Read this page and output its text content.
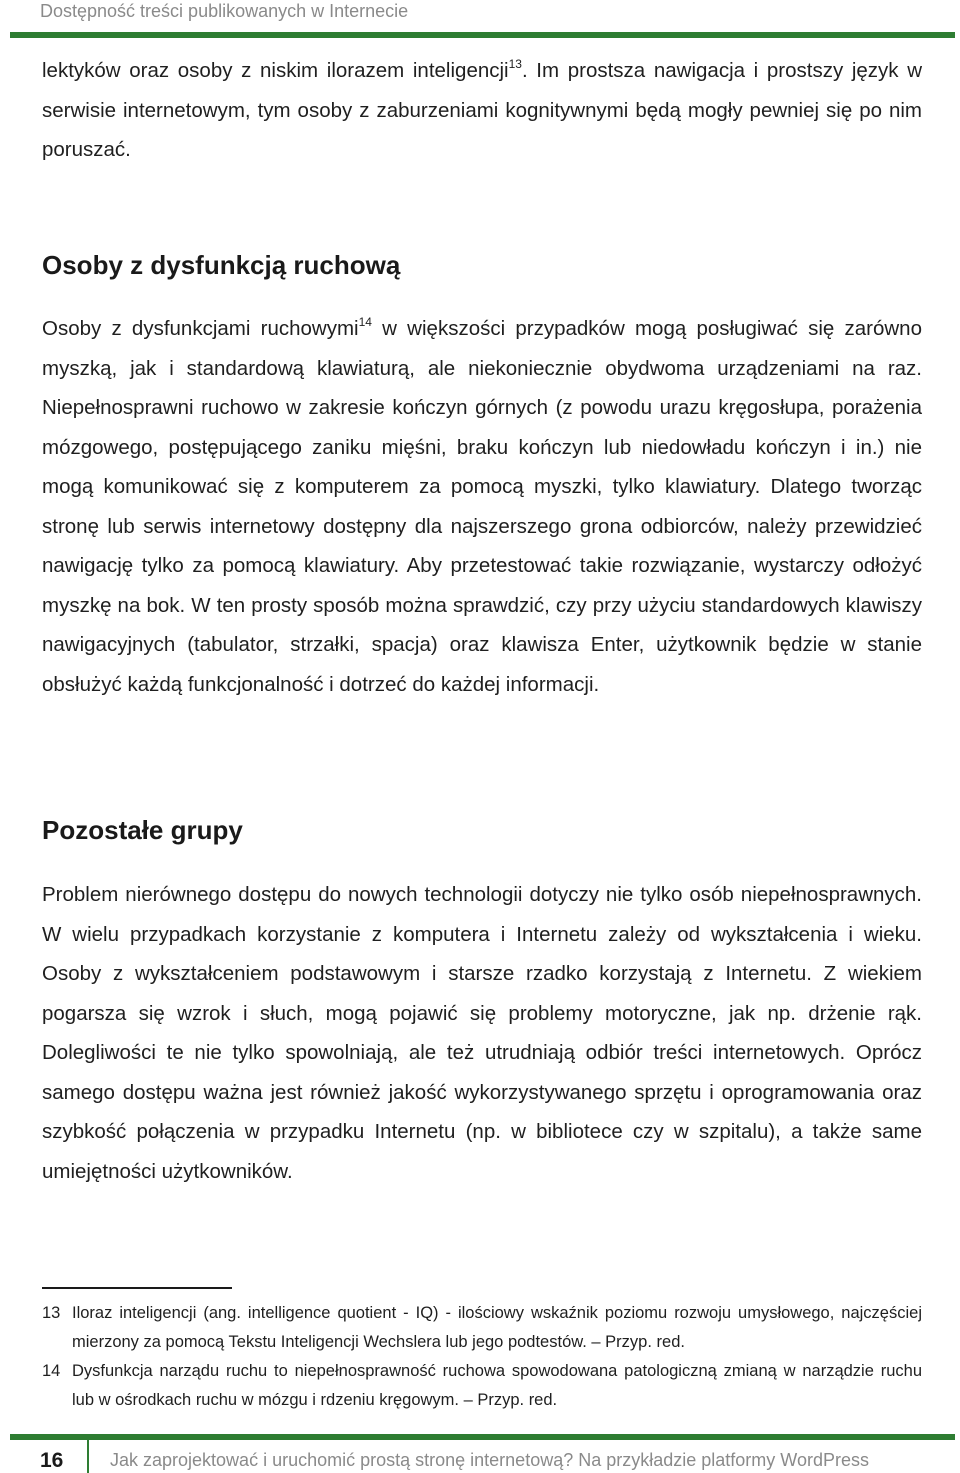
Dostępność treści publikowanych w Internecie

lektyków oraz osoby z niskim ilorazem inteligencji$^{13}$. Im prostsza nawigacja i prostszy język w serwisie internetowym, tym osoby z zaburzeniami kognitywnymi będą mogły pewniej się po nim poruszać.

Osoby z dysfunkcją ruchową

Osoby z dysfunkcjami ruchowymi$^{14}$ w większości przypadków mogą posługiwać się zarówno myszką, jak i standardową klawiaturą, ale niekoniecznie obydwoma urządzeniami na raz. Niepełnosprawni ruchowo w zakresie kończyn górnych (z powodu urazu kręgosłupa, porażenia mózgowego, postępującego zaniku mięśni, braku kończyn lub niedowładu kończyn i in.) nie mogą komunikować się z komputerem za pomocą myszki, tylko klawiatury. Dlatego tworząc stronę lub serwis internetowy dostępny dla najszerszego grona odbiorców, należy przewidzieć nawigację tylko za pomocą klawiatury. Aby przetestować takie rozwiązanie, wystarczy odłożyć myszkę na bok. W ten prosty sposób można sprawdzić, czy przy użyciu standardowych klawiszy nawigacyjnych (tabulator, strzałki, spacja) oraz klawisza Enter, użytkownik będzie w stanie obsłużyć każdą funkcjonalność i dotrzeć do każdej informacji.

Pozostałe grupy

Problem nierównego dostępu do nowych technologii dotyczy nie tylko osób niepełnosprawnych. W wielu przypadkach korzystanie z komputera i Internetu zależy od wykształcenia i wieku. Osoby z wykształceniem podstawowym i starsze rzadko korzystają z Internetu. Z wiekiem pogarsza się wzrok i słuch, mogą pojawić się problemy motoryczne, jak np. drżenie rąk. Dolegliwości te nie tylko spowolniają, ale też utrudniają odbiór treści internetowych. Oprócz samego dostępu ważna jest również jakość wykorzystywanego sprzętu i oprogramowania oraz szybkość połączenia w przypadku Internetu (np. w bibliotece czy w szpitalu), a także same umiejętności użytkowników.

13 Iloraz inteligencji (ang. intelligence quotient - IQ) - ilościowy wskaźnik poziomu rozwoju umysłowego, najczęściej mierzony za pomocą Tekstu Inteligencji Wechslera lub jego podtestów. – Przyp. red.
14 Dysfunkcja narządu ruchu to niepełnosprawność ruchowa spowodowana patologiczną zmianą w narządzie ruchu lub w ośrodkach ruchu w mózgu i rdzeniu kręgowym. – Przyp. red.
16	Jak zaprojektować i uruchomić prostą stronę internetową? Na przykładzie platformy WordPress
